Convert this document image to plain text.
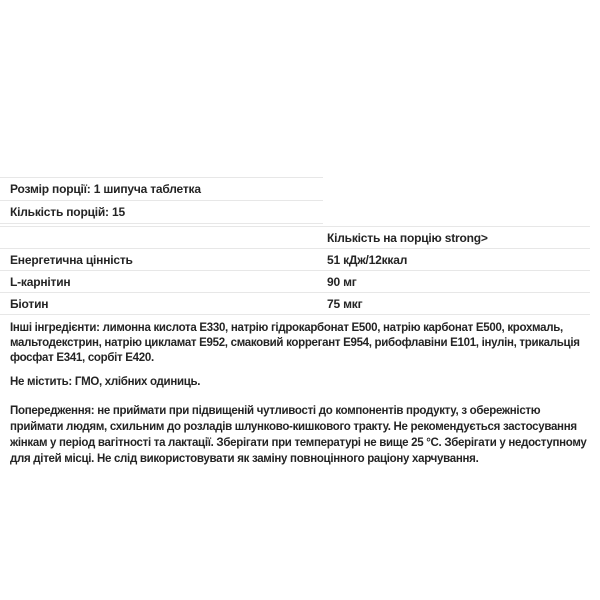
Розмір порції: 1 шипуча таблетка
Кількість порцій: 15
	Кількість на порцію strong>
Енергетична цінність	51 кДж/12ккал
L-карнітин	90 мг
Біотин	75 мкг

Інші інгредієнти: лимонна кислота E330, натрію гідрокарбонат E500, натрію карбонат E500, крохмаль, мальтодекстрин, натрію цикламат E952, смаковий коррегант E954, рибофлавіни E101, інулін, трикальція фосфат E341, сорбіт E420.

Не містить: ГМО, хлібних одиниць.

Попередження: не приймати при підвищеній чутливості до компонентів продукту, з обережністю приймати людям, схильним до розладів шлунково-кишкового тракту. Не рекомендується застосування жінкам у період вагітності та лактації. Зберігати при температурі не вище 25 °C. Зберігати у недоступному для дітей місці. Не слід використовувати як заміну повноцінного раціону харчування.
